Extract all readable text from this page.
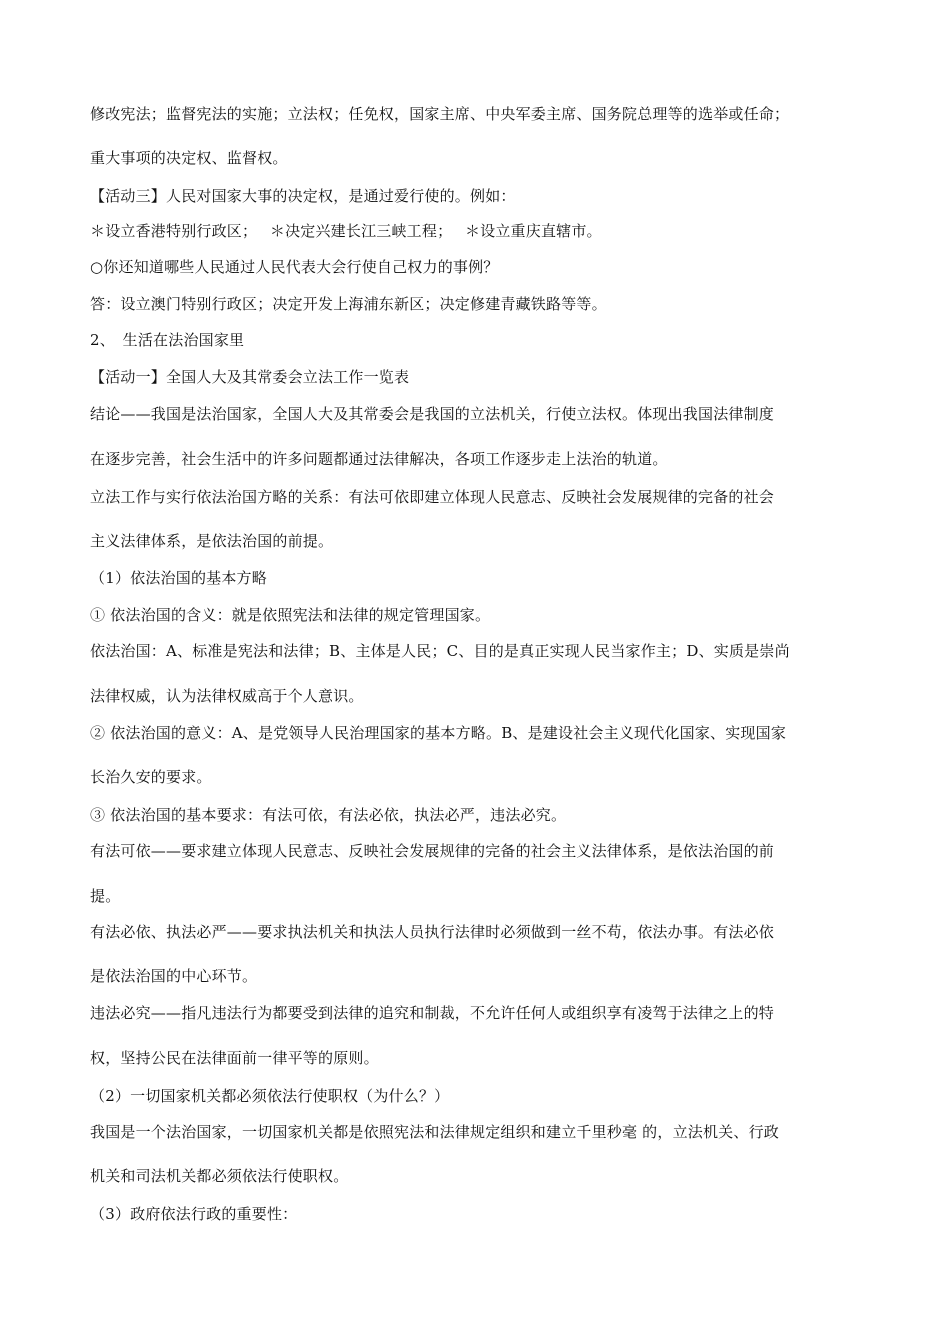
修改宪法；监督宪法的实施；立法权；任免权，国家主席、中央军委主席、国务院总理等的选举或任命；
重大事项的决定权、监督权。
【活动三】人民对国家大事的决定权，是通过爱行使的。例如：
＊设立香港特别行政区；　 ＊决定兴建长江三峡工程；　 ＊设立重庆直辖市。
○你还知道哪些人民通过人民代表大会行使自己权力的事例？
答：设立澳门特别行政区；决定开发上海浦东新区；决定修建青藏铁路等等。
2、　生活在法治国家里
【活动一】全国人大及其常委会立法工作一览表
结论——我国是法治国家，全国人大及其常委会是我国的立法机关，行使立法权。体现出我国法律制度
在逐步完善，社会生活中的许多问题都通过法律解决，各项工作逐步走上法治的轨道。
立法工作与实行依法治国方略的关系：有法可依即建立体现人民意志、反映社会发展规律的完备的社会
主义法律体系，是依法治国的前提。
（1）依法治国的基本方略
① 依法治国的含义：就是依照宪法和法律的规定管理国家。
依法治国：A、标准是宪法和法律；B、主体是人民；C、目的是真正实现人民当家作主；D、实质是崇尚
法律权威，认为法律权威高于个人意识。
② 依法治国的意义：A、是党领导人民治理国家的基本方略。B、是建设社会主义现代化国家、实现国家
长治久安的要求。
③ 依法治国的基本要求：有法可依，有法必依，执法必严，违法必究。
有法可依——要求建立体现人民意志、反映社会发展规律的完备的社会主义法律体系，是依法治国的前
提。
有法必依、执法必严——要求执法机关和执法人员执行法律时必须做到一丝不苟，依法办事。有法必依
是依法治国的中心环节。
违法必究——指凡违法行为都要受到法律的追究和制裁，不允许任何人或组织享有凌驾于法律之上的特
权，坚持公民在法律面前一律平等的原则。
（2）一切国家机关都必须依法行使职权（为什么？）
我国是一个法治国家，一切国家机关都是依照宪法和法律规定组织和建立千里秒毫 的，立法机关、行政
机关和司法机关都必须依法行使职权。
（3）政府依法行政的重要性：
